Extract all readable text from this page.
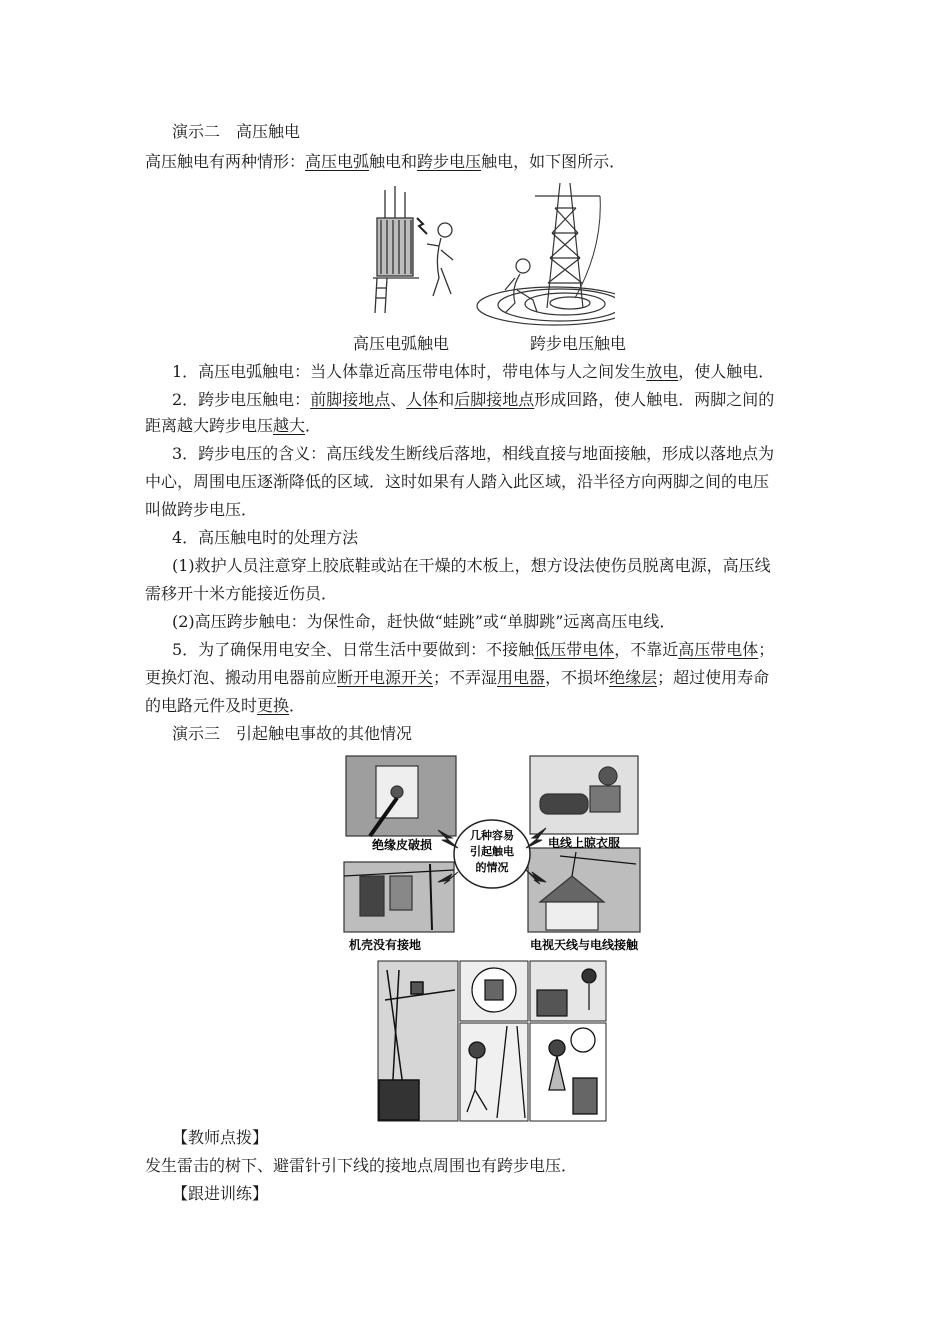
演示二　高压触电
高压触电有两种情形：高压电弧触电和跨步电压触电，如下图所示．
高压电弧触电	跨步电压触电
1．高压电弧触电：当人体靠近高压带电体时，带电体与人之间发生放电，使人触电．
2．跨步电压触电：前脚接地点、人体和后脚接地点形成回路，使人触电．两脚之间的
距离越大跨步电压越大．
3．跨步电压的含义：高压线发生断线后落地，相线直接与地面接触，形成以落地点为
中心，周围电压逐渐降低的区域．这时如果有人踏入此区域，沿半径方向两脚之间的电压
叫做跨步电压．
4．高压触电时的处理方法
(1)救护人员注意穿上胶底鞋或站在干燥的木板上，想方设法使伤员脱离电源，高压线
需移开十米方能接近伤员．
(2)高压跨步触电：为保性命，赶快做“蛙跳”或“单脚跳”远离高压电线．
5．为了确保用电安全、日常生活中要做到：不接触低压带电体，不靠近高压带电体；
更换灯泡、搬动用电器前应断开电源开关；不弄湿用电器，不损坏绝缘层；超过使用寿命
的电路元件及时更换．
演示三　引起触电事故的其他情况
几种容易
引起触电
的情况
绝缘皮破损	电线上晾衣服
机壳没有接地	电视天线与电线接触
【教师点拨】
发生雷击的树下、避雷针引下线的接地点周围也有跨步电压．
【跟进训练】
